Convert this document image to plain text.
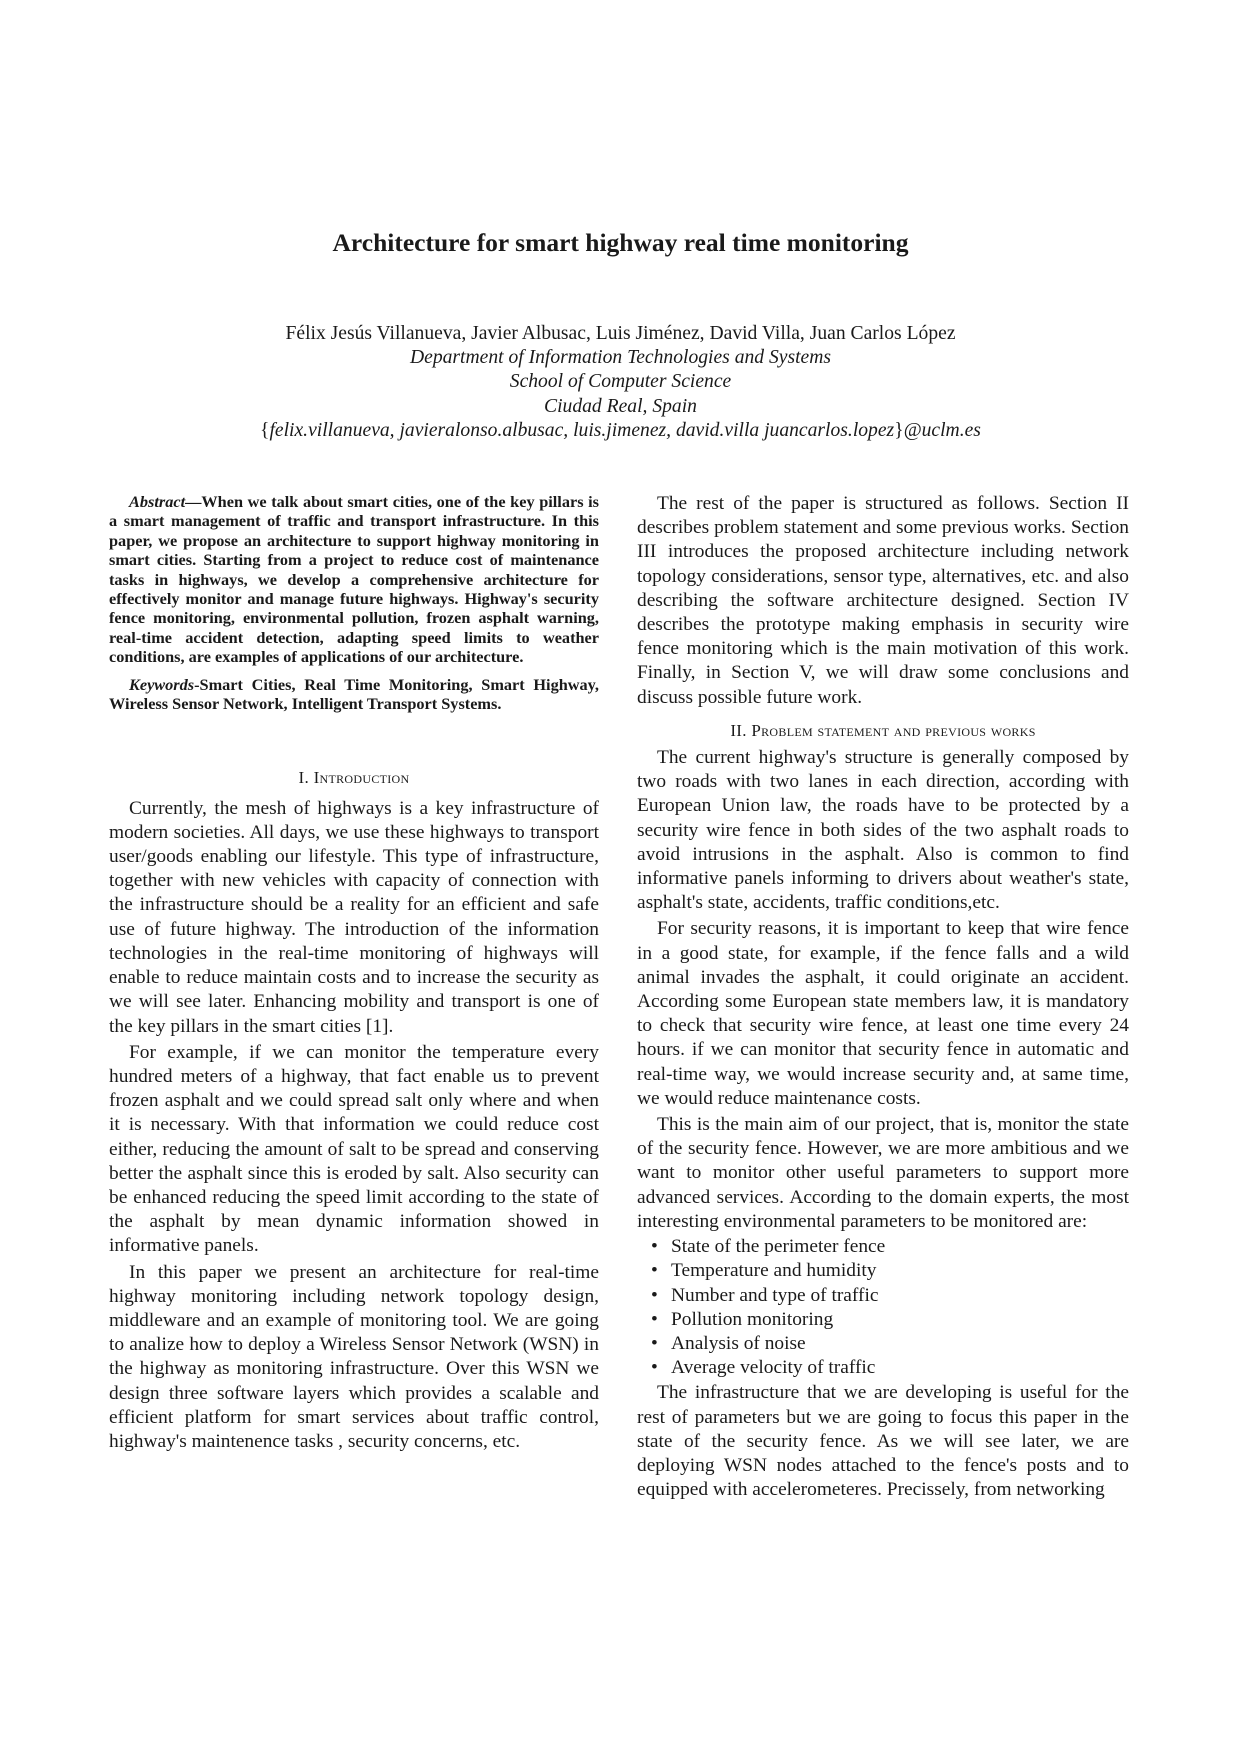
Architecture for smart highway real time monitoring
Félix Jesús Villanueva, Javier Albusac, Luis Jiménez, David Villa, Juan Carlos López
Department of Information Technologies and Systems
School of Computer Science
Ciudad Real, Spain
{felix.villanueva, javieralonso.albusac, luis.jimenez, david.villa juancarlos.lopez}@uclm.es

Abstract—When we talk about smart cities, one of the key pillars is a smart management of traffic and transport infrastructure. In this paper, we propose an architecture to support highway monitoring in smart cities. Starting from a project to reduce cost of maintenance tasks in highways, we develop a comprehensive architecture for effectively monitor and manage future highways. Highway's security fence monitoring, environmental pollution, frozen asphalt warning, real-time accident detection, adapting speed limits to weather conditions, are examples of applications of our architecture.

Keywords-Smart Cities, Real Time Monitoring, Smart Highway, Wireless Sensor Network, Intelligent Transport Systems.

I. Introduction

Currently, the mesh of highways is a key infrastructure of modern societies. All days, we use these highways to transport user/goods enabling our lifestyle. This type of infrastructure, together with new vehicles with capacity of connection with the infrastructure should be a reality for an efficient and safe use of future highway. The introduction of the information technologies in the real-time monitoring of highways will enable to reduce maintain costs and to increase the security as we will see later. Enhancing mobility and transport is one of the key pillars in the smart cities [1].

For example, if we can monitor the temperature every hundred meters of a highway, that fact enable us to prevent frozen asphalt and we could spread salt only where and when it is necessary. With that information we could reduce cost either, reducing the amount of salt to be spread and conserving better the asphalt since this is eroded by salt. Also security can be enhanced reducing the speed limit according to the state of the asphalt by mean dynamic information showed in informative panels.

In this paper we present an architecture for real-time highway monitoring including network topology design, middleware and an example of monitoring tool. We are going to analize how to deploy a Wireless Sensor Network (WSN) in the highway as monitoring infrastructure. Over this WSN we design three software layers which provides a scalable and efficient platform for smart services about traffic control, highway's maintenence tasks , security concerns, etc.

The rest of the paper is structured as follows. Section II describes problem statement and some previous works. Section III introduces the proposed architecture including network topology considerations, sensor type, alternatives, etc. and also describing the software architecture designed. Section IV describes the prototype making emphasis in security wire fence monitoring which is the main motivation of this work. Finally, in Section V, we will draw some conclusions and discuss possible future work.

II. Problem statement and previous works

The current highway's structure is generally composed by two roads with two lanes in each direction, according with European Union law, the roads have to be protected by a security wire fence in both sides of the two asphalt roads to avoid intrusions in the asphalt. Also is common to find informative panels informing to drivers about weather's state, asphalt's state, accidents, traffic conditions,etc.

For security reasons, it is important to keep that wire fence in a good state, for example, if the fence falls and a wild animal invades the asphalt, it could originate an accident. According some European state members law, it is mandatory to check that security wire fence, at least one time every 24 hours. if we can monitor that security fence in automatic and real-time way, we would increase security and, at same time, we would reduce maintenance costs.

This is the main aim of our project, that is, monitor the state of the security fence. However, we are more ambitious and we want to monitor other useful parameters to support more advanced services. According to the domain experts, the most interesting environmental parameters to be monitored are:

• State of the perimeter fence
• Temperature and humidity
• Number and type of traffic
• Pollution monitoring
• Analysis of noise
• Average velocity of traffic

The infrastructure that we are developing is useful for the rest of parameters but we are going to focus this paper in the state of the security fence. As we will see later, we are deploying WSN nodes attached to the fence's posts and to equipped with accelerometeres. Precissely, from networking
